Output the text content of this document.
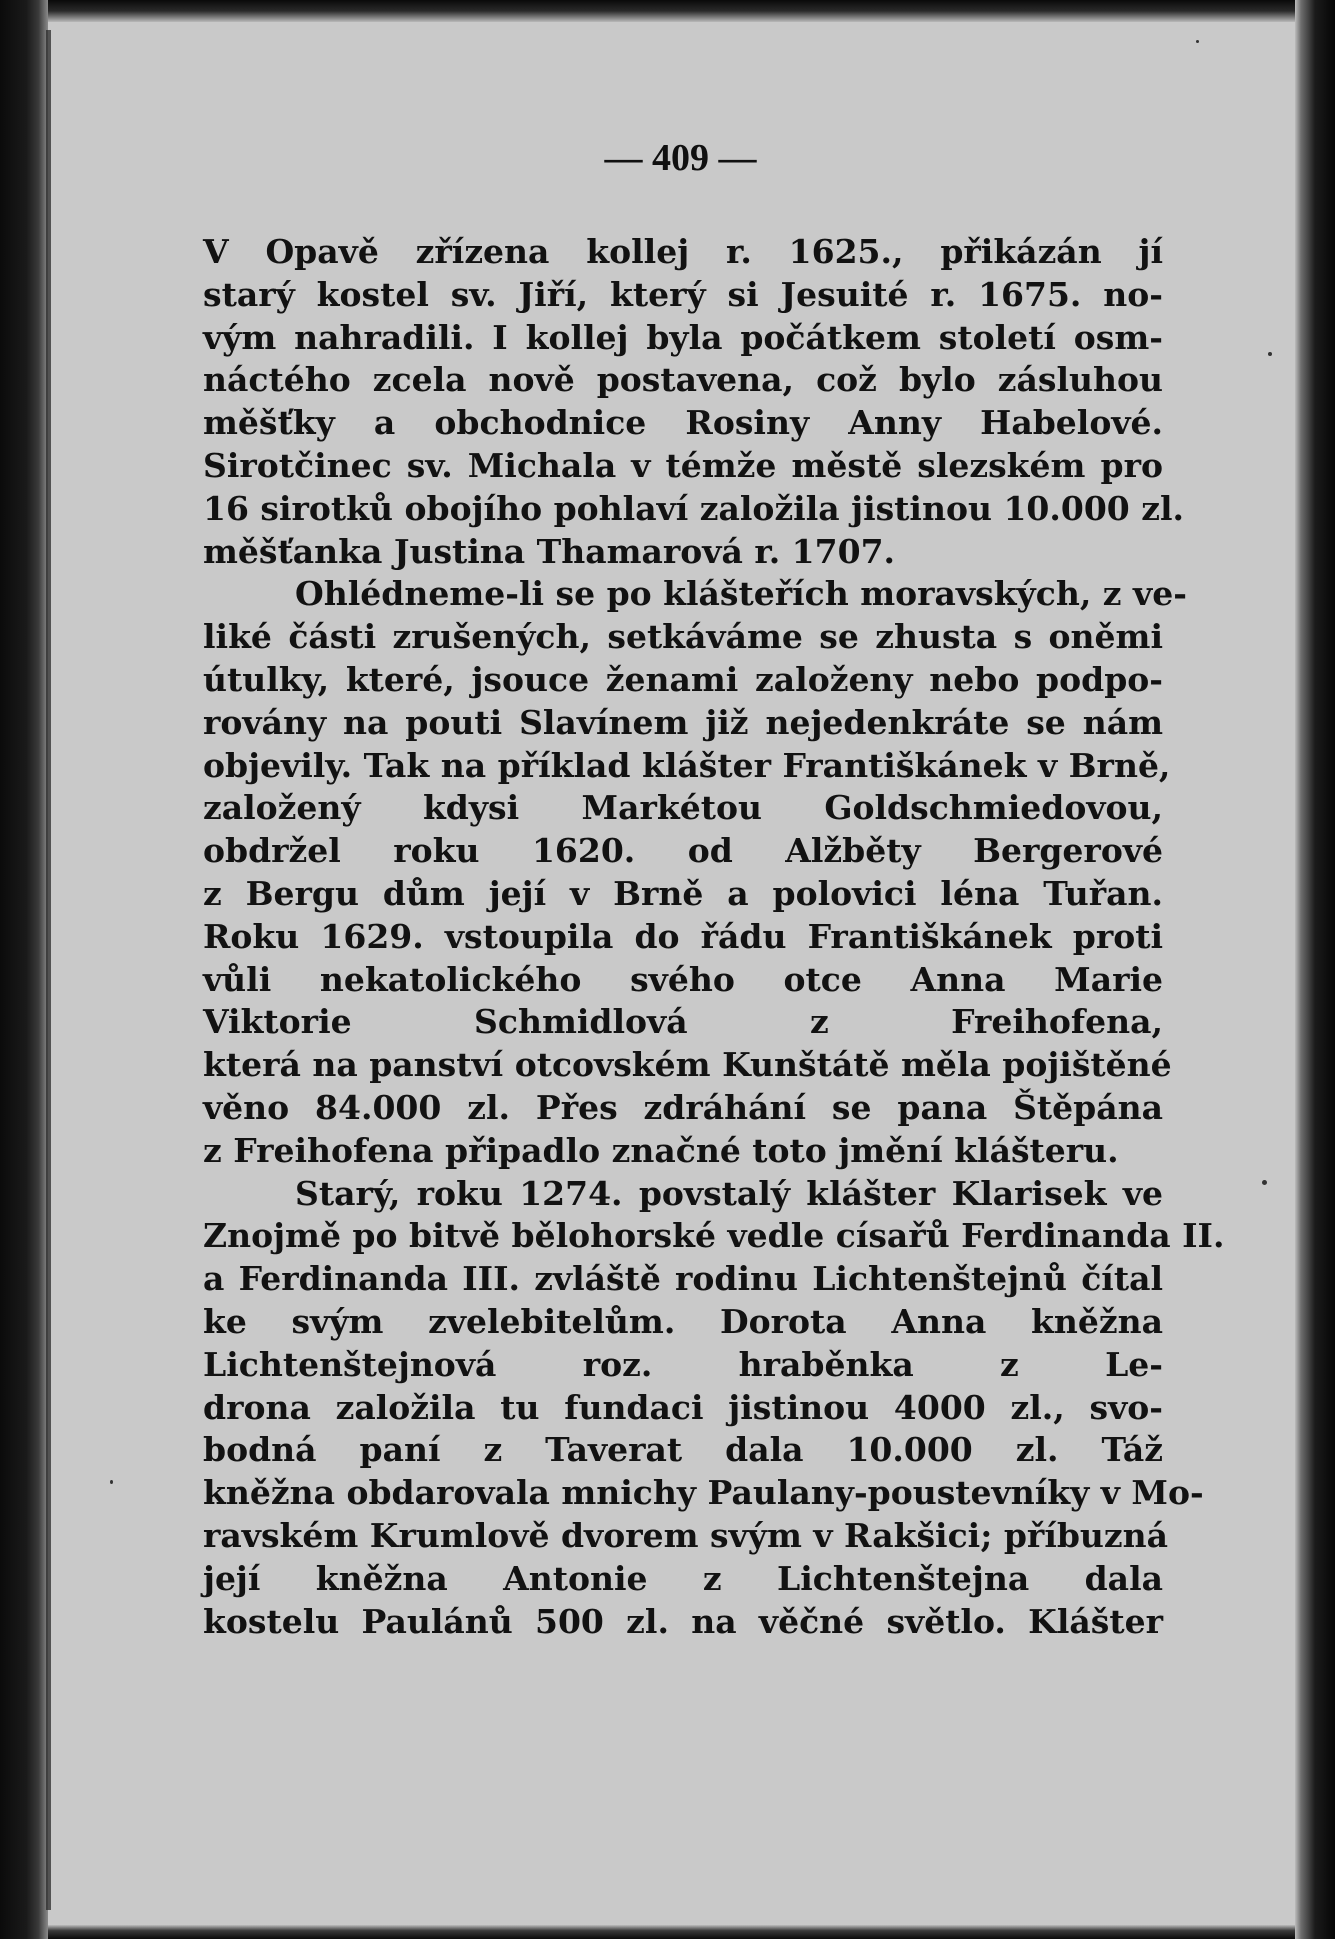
— 409 —
V Opavě zřízena kollej r. 1625., přikázán jí
starý kostel sv. Jiří, který si Jesuité r. 1675. no-
vým nahradili. I kollej byla počátkem století osm-
náctého zcela nově postavena, což bylo zásluhou
měšťky a obchodnice Rosiny Anny Habelové.
Sirotčinec sv. Michala v témže městě slezském pro
16 sirotků obojího pohlaví založila jistinou 10.000 zl.
měšťanka Justina Thamarová r. 1707.
Ohlédneme-li se po klášteřích moravských, z ve-
liké části zrušených, setkáváme se zhusta s oněmi
útulky, které, jsouce ženami založeny nebo podpo-
rovány na pouti Slavínem již nejedenkráte se nám
objevily. Tak na příklad klášter Františkánek v Brně,
založený kdysi Markétou Goldschmiedovou,
obdržel roku 1620. od Alžběty Bergerové
z Bergu dům její v Brně a polovici léna Tuřan.
Roku 1629. vstoupila do řádu Františkánek proti
vůli nekatolického svého otce Anna Marie
Viktorie Schmidlová z Freihofena,
která na panství otcovském Kunštátě měla pojištěné
věno 84.000 zl. Přes zdráhání se pana Štěpána
z Freihofena připadlo značné toto jmění klášteru.
Starý, roku 1274. povstalý klášter Klarisek ve
Znojmě po bitvě bělohorské vedle císařů Ferdinanda II.
a Ferdinanda III. zvláště rodinu Lichtenštejnů čítal
ke svým zvelebitelům. Dorota Anna kněžna
Lichtenštejnová roz. hraběnka z Le-
drona založila tu fundaci jistinou 4000 zl., svo-
bodná paní z Taverat dala 10.000 zl. Táž
kněžna obdarovala mnichy Paulany-poustevníky v Mo-
ravském Krumlově dvorem svým v Rakšici; příbuzná
její kněžna Antonie z Lichtenštejna dala
kostelu Paulánů 500 zl. na věčné světlo. Klášter
